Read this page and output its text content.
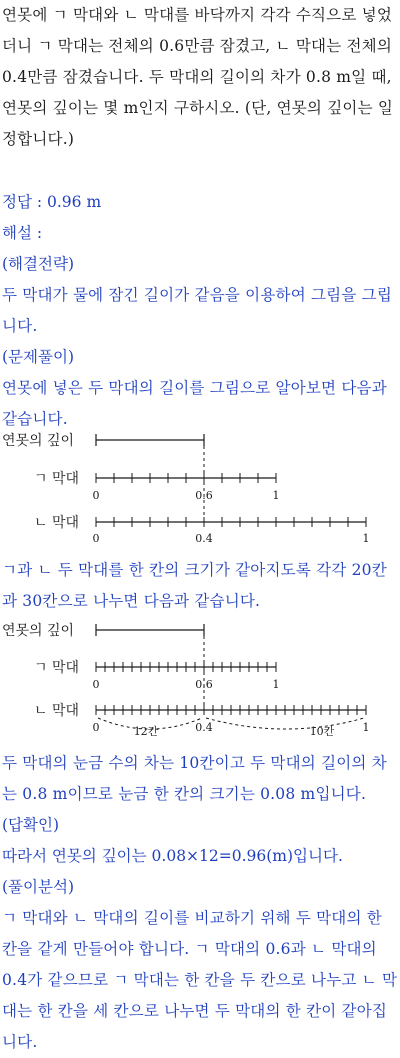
연못에 ㄱ 막대와 ㄴ 막대를 바닥까지 각각 수직으로 넣었더니 ㄱ 막대는 전체의 0.6만큼 잠겼고, ㄴ 막대는 전체의 0.4만큼 잠겼습니다. 두 막대의 길이의 차가 0.8 m일 때, 연못의 깊이는 몇 m인지 구하시오. (단, 연못의 깊이는 일정합니다.)

정답 : 0.96 m

해설 :

(해결전략)

두 막대가 물에 잠긴 길이가 같음을 이용하여 그림을 그립니다.

(문제풀이)

연못에 넣은 두 막대의 길이를 그림으로 알아보면 다음과 같습니다.

연못의 깊이
ㄱ 막대
0	0.6	1
ㄴ 막대
0	0.4	1

ㄱ과 ㄴ 두 막대를 한 칸의 크기가 같아지도록 각각 20칸과 30칸으로 나누면 다음과 같습니다.

연못의 깊이
ㄱ 막대
0	0.6	1
ㄴ 막대
0	0.4	1
12칸	10칸

두 막대의 눈금 수의 차는 10칸이고 두 막대의 길이의 차는 0.8 m이므로 눈금 한 칸의 크기는 0.08 m입니다.

(답확인)

따라서 연못의 깊이는 0.08×12=0.96(m)입니다.

(풀이분석)

ㄱ 막대와 ㄴ 막대의 길이를 비교하기 위해 두 막대의 한 칸을 같게 만들어야 합니다. ㄱ 막대의 0.6과 ㄴ 막대의 0.4가 같으므로 ㄱ 막대는 한 칸을 두 칸으로 나누고 ㄴ 막대는 한 칸을 세 칸으로 나누면 두 막대의 한 칸이 같아집니다.
